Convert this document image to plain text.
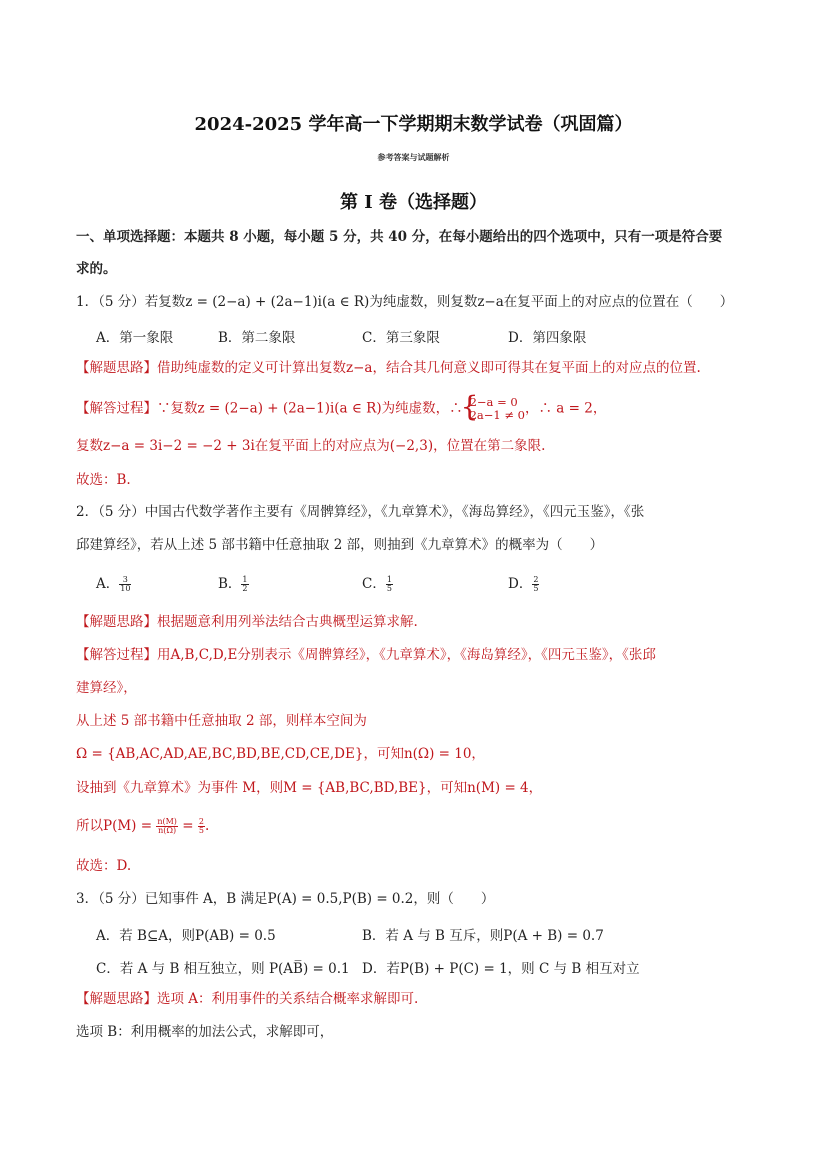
2024-2025 学年高一下学期期末数学试卷（巩固篇）
参考答案与试题解析
第 I 卷（选择题）
一、单项选择题：本题共 8 小题，每小题 5 分，共 40 分，在每小题给出的四个选项中，只有一项是符合要
求的。
1．（5 分）若复数z = (2−a) + (2a−1)i(a ∈ R)为纯虚数，则复数z−a在复平面上的对应点的位置在（　　）
A．第一象限	B．第二象限	C．第三象限	D．第四象限
【解题思路】借助纯虚数的定义可计算出复数z−a，结合其几何意义即可得其在复平面上的对应点的位置.
【解答过程】∵复数z = (2−a) + (2a−1)i(a ∈ R)为纯虚数，∴
{ 2−a = 0
2a−1 ≠ 0 ，∴ a = 2，
复数z−a = 3i−2 = −2 + 3i在复平面上的对应点为(−2,3)，位置在第二象限.
故选：B.
2．（5 分）中国古代数学著作主要有《周髀算经》，《九章算术》，《海岛算经》，《四元玉鉴》，《张
邱建算经》，若从上述 5 部书籍中任意抽取 2 部，则抽到《九章算术》的概率为（　　）
A． $\frac{3}{10}$	B． $\frac{1}{2}$	C． $\frac{1}{5}$	D． $\frac{2}{5}$
【解题思路】根据题意利用列举法结合古典概型运算求解.
【解答过程】用A,B,C,D,E分别表示《周髀算经》，《九章算术》，《海岛算经》，《四元玉鉴》，《张邱
建算经》，
从上述 5 部书籍中任意抽取 2 部，则样本空间为
Ω = {AB,AC,AD,AE,BC,BD,BE,CD,CE,DE}，可知n(Ω) = 10，
设抽到《九章算术》为事件 M，则M = {AB,BC,BD,BE}，可知n(M) = 4，
所以$P(M) = \frac{n(M)}{n(\Omega)} = \frac{2}{5}$ .
故选：D.
3．（5 分）已知事件 A，B 满足P(A) = 0.5,P(B) = 0.2，则（　　）
A．若 B⊆A，则P(AB) = 0.5	B．若 A 与 B 互斥，则P(A + B) = 0.7
C．若 A 与 B 相互独立，则 P(AB̅) = 0.1 D．若P(B) + P(C) = 1，则 C 与 B 相互对立
【解题思路】选项 A：利用事件的关系结合概率求解即可.
选项 B：利用概率的加法公式，求解即可，
